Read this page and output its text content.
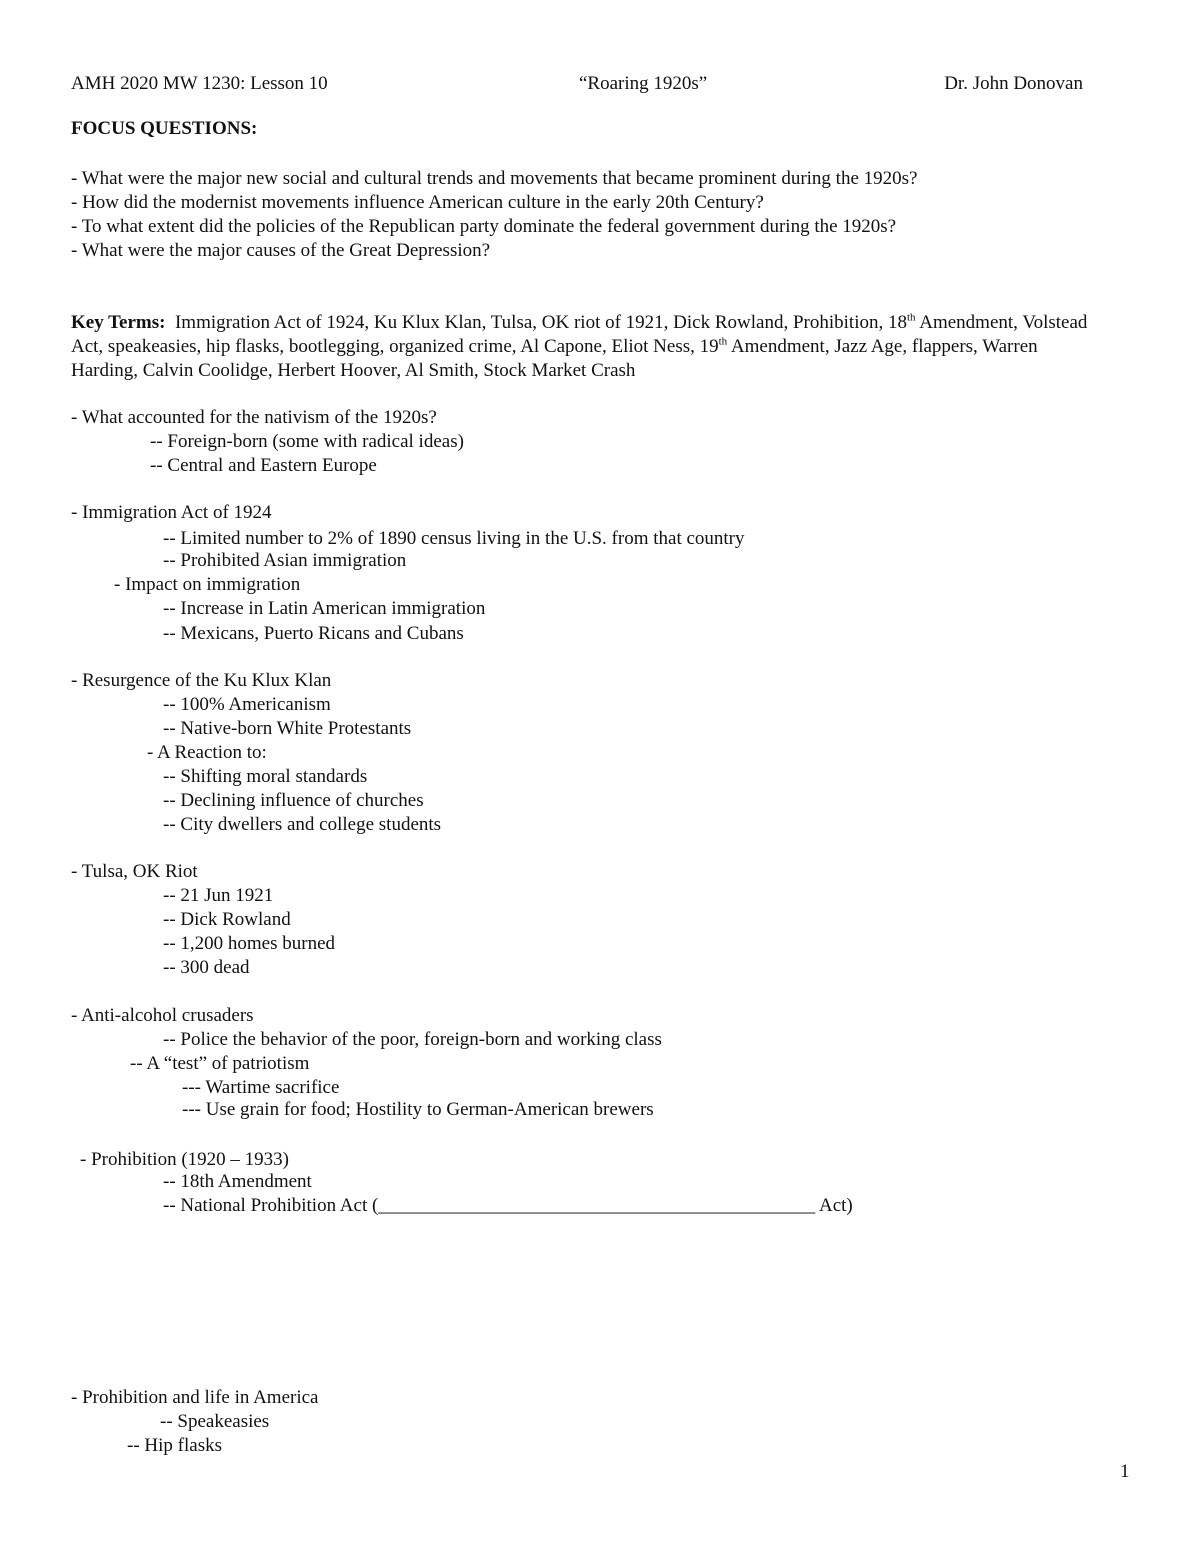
AMH 2020 MW 1230: Lesson 10	“Roaring 1920s”	Dr. John Donovan
FOCUS QUESTIONS:
- What were the major new social and cultural trends and movements that became prominent during the 1920s?
- How did the modernist movements influence American culture in the early 20th Century?
- To what extent did the policies of the Republican party dominate the federal government during the 1920s?
- What were the major causes of the Great Depression?
Key Terms: Immigration Act of 1924, Ku Klux Klan, Tulsa, OK riot of 1921, Dick Rowland, Prohibition, 18th Amendment, Volstead Act, speakeasies, hip flasks, bootlegging, organized crime, Al Capone, Eliot Ness, 19th Amendment, Jazz Age, flappers, Warren Harding, Calvin Coolidge, Herbert Hoover, Al Smith, Stock Market Crash
- What accounted for the nativism of the 1920s?
-- Foreign-born (some with radical ideas)
-- Central and Eastern Europe
- Immigration Act of 1924
-- Limited number to 2% of 1890 census living in the U.S. from that country
-- Prohibited Asian immigration
- Impact on immigration
-- Increase in Latin American immigration
-- Mexicans, Puerto Ricans and Cubans
- Resurgence of the Ku Klux Klan
-- 100% Americanism
-- Native-born White Protestants
- A Reaction to:
-- Shifting moral standards
-- Declining influence of churches
-- City dwellers and college students
- Tulsa, OK Riot
-- 21 Jun 1921
-- Dick Rowland
-- 1,200 homes burned
-- 300 dead
- Anti-alcohol crusaders
-- Police the behavior of the poor, foreign-born and working class
-- A “test” of patriotism
--- Wartime sacrifice
--- Use grain for food; Hostility to German-American brewers
- Prohibition (1920 – 1933)
-- 18th Amendment
-- National Prohibition Act (______________________________________________ Act)
- Prohibition and life in America
-- Speakeasies
-- Hip flasks
1
